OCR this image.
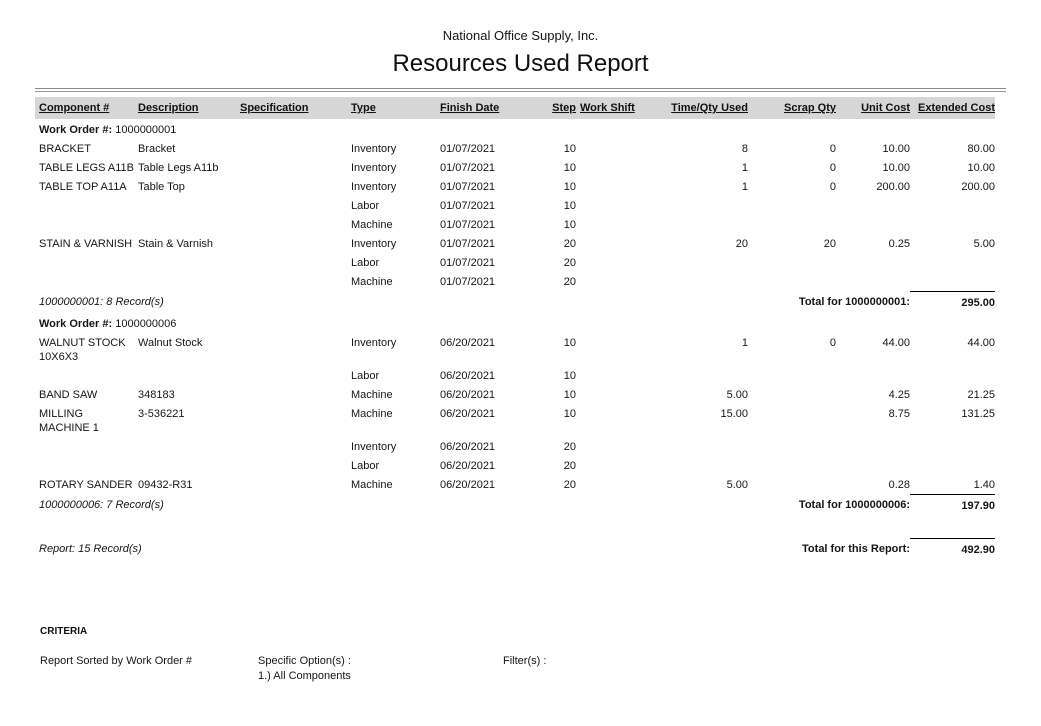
National Office Supply, Inc.
Resources Used Report
Component #	Description	Specification	Type	Finish Date	Step	Work Shift	Time/Qty Used	Scrap Qty	Unit Cost	Extended Cost
Work Order #: 1000000001										
BRACKET	Bracket		Inventory	01/07/2021	10		8	0	10.00	80.00
TABLE LEGS A11B	Table Legs A11b		Inventory	01/07/2021	10		1	0	10.00	10.00
TABLE TOP A11A	Table Top		Inventory	01/07/2021	10		1	0	200.00	200.00
			Labor	01/07/2021	10					
			Machine	01/07/2021	10					
STAIN & VARNISH	Stain & Varnish		Inventory	01/07/2021	20		20	20	0.25	5.00
			Labor	01/07/2021	20					
			Machine	01/07/2021	20					
1000000001: 8 Record(s)					Total for 1000000001:					295.00
Work Order #: 1000000006										
WALNUT STOCK 10X6X3	Walnut Stock		Inventory	06/20/2021	10		1	0	44.00	44.00
			Labor	06/20/2021	10					
BAND SAW	348183		Machine	06/20/2021	10		5.00		4.25	21.25
MILLING MACHINE 1	3-536221		Machine	06/20/2021	10		15.00		8.75	131.25
			Inventory	06/20/2021	20					
			Labor	06/20/2021	20					
ROTARY SANDER	09432-R31		Machine	06/20/2021	20		5.00		0.28	1.40
1000000006: 7 Record(s)					Total for 1000000006:					197.90

Report: 15 Record(s)					Total for this Report:					492.90
CRITERIA
Report Sorted by Work Order #	Specific Option(s) :
1.) All Components
Filter(s) :
